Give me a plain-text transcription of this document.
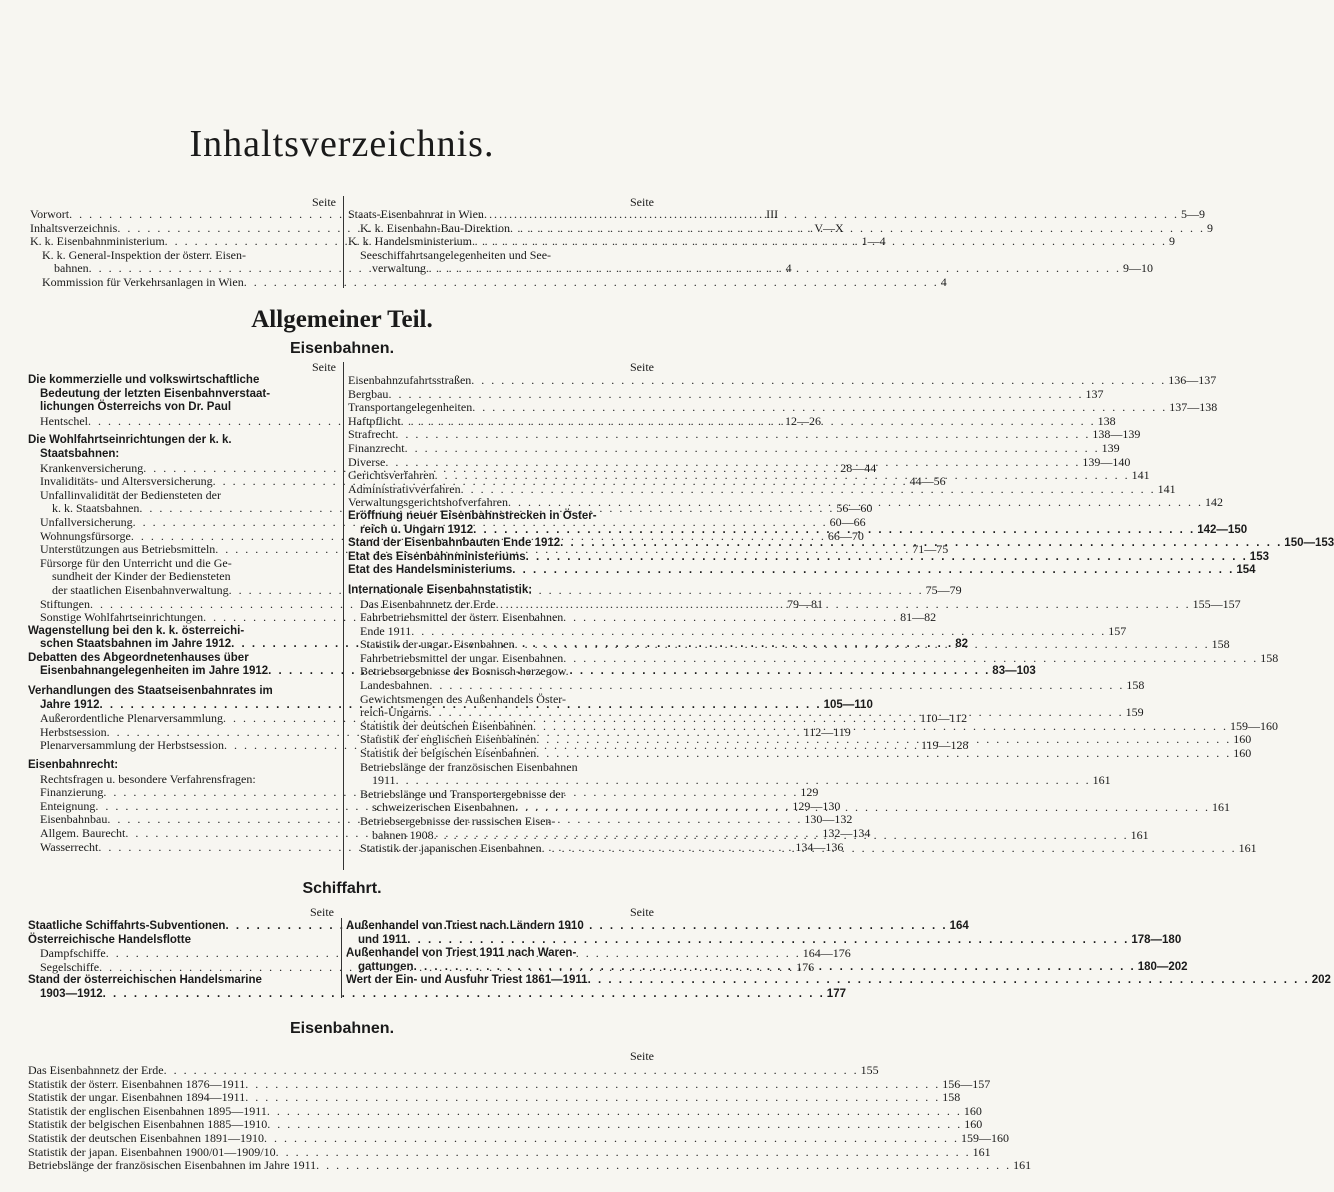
Inhaltsverzeichnis.
Seite
Vorwort . . .	III
Inhaltsverzeichnis . . .	V—X
K. k. Eisenbahnministerium . . .	1—4
K. k. General-Inspektion der österr. Eisen-
bahnen . . .	4
Kommission für Verkehrsanlagen in Wien . . .	4
Seite
Staats-Eisenbahnrat in Wien . . .	5—9
K. k. Eisenbahn-Bau-Direktion . . .	9
K. k. Handelsministerium . . .	9
Seeschiffahrtsangelegenheiten und See-
verwaltung . . .	9—10
Allgemeiner Teil.
Eisenbahnen.
Seite
Die kommerzielle und volkswirtschaftliche
Bedeutung der letzten Eisenbahnverstaat-
lichungen Österreichs von Dr. Paul
Hentschel . . .	12—26
Die Wohlfahrtseinrichtungen der k. k.
Staatsbahnen:
Krankenversicherung . . .	28—44
Invaliditäts- und Altersversicherung . . .	44—56
Unfallinvalidität der Bediensteten der
k. k. Staatsbahnen . . .	56—60
Unfallversicherung . . .	60—66
Wohnungsfürsorge . . .	66—70
Unterstützungen aus Betriebsmitteln . . .	71—75
Fürsorge für den Unterricht und die Ge-
sundheit der Kinder der Bediensteten
der staatlichen Eisenbahnverwaltung . . .	75—79
Stiftungen . . .	79—81
Sonstige Wohlfahrtseinrichtungen . . .	81—82
Wagenstellung bei den k. k. österreichi-
schen Staatsbahnen im Jahre 1912 . . .	82
Debatten des Abgeordnetenhauses über
Eisenbahnangelegenheiten im Jahre 1912 . . .	83—103
Verhandlungen des Staatseisenbahnrates im
Jahre 1912 . . .	105—110
Außerordentliche Plenarversammlung . . .	110—112
Herbstsession . . .	112—119
Plenarversammlung der Herbstsession . . .	119—128
Eisenbahnrecht:
Rechtsfragen u. besondere Verfahrensfragen:
Finanzierung . . .	129
Enteignung . . .	129—130
Eisenbahnbau . . .	130—132
Allgem. Baurecht . . .	132—134
Wasserrecht . . .	134—136
Seite
Eisenbahnzufahrtsstraßen . . .	136—137
Bergbau . . .	137
Transportangelegenheiten . . .	137—138
Haftpflicht . . .	138
Strafrecht . . .	138—139
Finanzrecht . . .	139
Diverse . . .	139—140
Gerichtsverfahren . . .	141
Administrativverfahren . . .	141
Verwaltungsgerichtshofverfahren . . .	142
Eröffnung neuer Eisenbahnstrecken in Öster-
reich u. Ungarn 1912 . . .	142—150
Stand der Eisenbahnbauten Ende 1912 . . .	150—153
Etat des Eisenbahnministeriums . . .	153
Etat des Handelsministeriums . . .	154
Internationale Eisenbahnstatistik:
Das Eisenbahnnetz der Erde . . .	155—157
Fahrbetriebsmittel der österr. Eisenbahnen
Ende 1911 . . .	157
Statistik der ungar. Eisenbahnen . . .	158
Fahrbetriebsmittel der ungar. Eisenbahnen . . .	158
Betriebsergebnisse der Bosnisch-herzegow.
Landesbahnen . . .	158
Gewichtsmengen des Außenhandels Öster-
reich-Ungarns . . .	159
Statistik der deutschen Eisenbahnen . . .	159—160
Statistik der englischen Eisenbahnen . . .	160
Statistik der belgischen Eisenbahnen . . .	160
Betriebslänge der französischen Eisenbahnen
1911 . . .	161
Betriebslänge und Transportergebnisse der
schweizerischen Eisenbahnen . . .	161
Betriebsergebnisse der russischen Eisen-
bahnen 1908 . . .	161
Statistik der japanischen Eisenbahnen . . .	161
Schiffahrt.
Seite
Staatliche Schiffahrts-Subventionen . . .	164
Österreichische Handelsflotte
Dampfschiffe . . .	164—176
Segelschiffe . . .	176
Stand der österreichischen Handelsmarine
1903—1912 . . .	177
Seite
Außenhandel von Triest nach Ländern 1910
und 1911 . . .	178—180
Außenhandel von Triest 1911 nach Waren-
gattungen . . .	180—202
Wert der Ein- und Ausfuhr Triest 1861—1911 . . .	202
Eisenbahnen.
Seite
Das Eisenbahnnetz der Erde . . .	155
Statistik der österr. Eisenbahnen 1876—1911 . . .	156—157
Statistik der ungar. Eisenbahnen 1894—1911 . . .	158
Statistik der englischen Eisenbahnen 1895—1911 . . .	160
Statistik der belgischen Eisenbahnen 1885—1910 . . .	160
Statistik der deutschen Eisenbahnen 1891—1910 . . .	159—160
Statistik der japan. Eisenbahnen 1900/01—1909/10 . . .	161
Betriebslänge der französischen Eisenbahnen im Jahre 1911 . . .	161
